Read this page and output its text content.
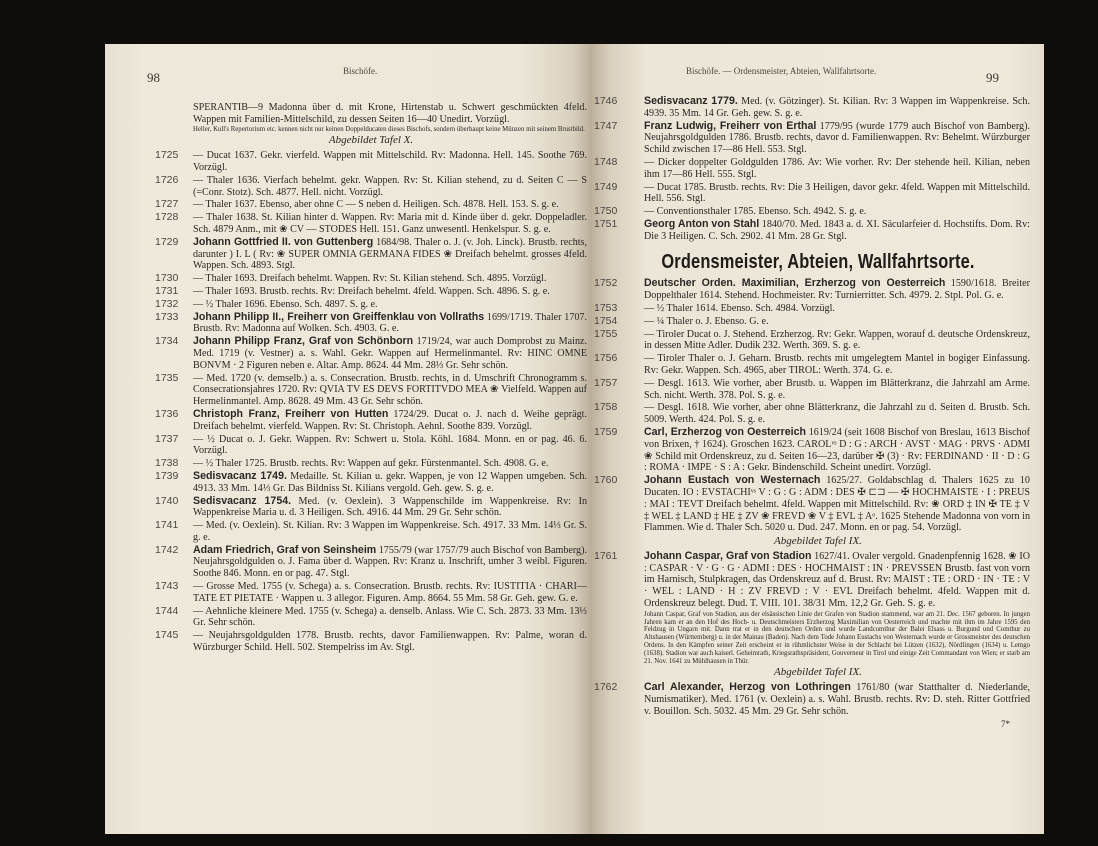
98	Bischöfe.
SPERANTIB—9 Madonna über d. mit Krone, Hirtenstab u. Schwert geschmückten 4feld. Wappen mit Familien-Mittelschild, zu dessen Seiten 16—40 Unedirt. Vorzügl.
Heller, Kull's Repertorium etc. kennen nicht nur keinen Doppelducaten dieses Bischofs, sondern überhaupt keine Münzen mit seinem Brustbild.
Abgebildet Tafel X.
1725	— Ducat 1637. Gekr. vierfeld. Wappen mit Mittelschild. Rv: Madonna. Hell. 145. Soothe 769. Vorzügl.
1726	— Thaler 1636. Vierfach behelmt. gekr. Wappen. Rv: St. Kilian stehend, zu d. Seiten C — S (=Conr. Stotz). Sch. 4877. Hell. nicht. Vorzügl.
1727	— Thaler 1637. Ebenso, aber ohne C — S neben d. Heiligen. Sch. 4878. Hell. 153. S. g. e.
1728	— Thaler 1638. St. Kilian hinter d. Wappen. Rv: Maria mit d. Kinde über d. gekr. Doppeladler. Sch. 4879 Anm., mit ❀ CV — STODES Hell. 151. Ganz unwesentl. Henkelspur. S. g. e.
1729	Johann Gottfried II. von Guttenberg 1684/98. Thaler o. J. (v. Joh. Linck). Brustb. rechts, darunter ) I. L ( Rv: ❀ SUPER OMNIA GERMANA FIDES ❀ Dreifach behelmt. grosses 4feld. Wappen. Sch. 4893. Stgl.
1730	— Thaler 1693. Dreifach behelmt. Wappen. Rv: St. Kilian stehend. Sch. 4895. Vorzügl.
1731	— Thaler 1693. Brustb. rechts. Rv: Dreifach behelmt. 4feld. Wappen. Sch. 4896. S. g. e.
1732	— ½ Thaler 1696. Ebenso. Sch. 4897. S. g. e.
1733	Johann Philipp II., Freiherr von Greiffenklau von Vollraths 1699/1719. Thaler 1707. Brustb. Rv: Madonna auf Wolken. Sch. 4903. G. e.
1734	Johann Philipp Franz, Graf von Schönborn 1719/24, war auch Domprobst zu Mainz. Med. 1719 (v. Vestner) a. s. Wahl. Gekr. Wappen auf Hermelinmantel. Rv: HINC OMNE BONVM · 2 Figuren neben e. Altar. Amp. 8624. 44 Mm. 28⅓ Gr. Sehr schön.
1735	— Med. 1720 (v. demselb.) a. s. Consecration. Brustb. rechts, in d. Umschrift Chronogramm s. Consecrationsjahres 1720. Rv: QVIA TV ES DEVS FORTITVDO MEA ❀ Vielfeld. Wappen auf Hermelinmantel. Amp. 8628. 49 Mm. 43 Gr. Sehr schön.
1736	Christoph Franz, Freiherr von Hutten 1724/29. Ducat o. J. nach d. Weihe geprägt. Dreifach behelmt. vierfeld. Wappen. Rv: St. Christoph. Aehnl. Soothe 839. Vorzügl.
1737	— ½ Ducat o. J. Gekr. Wappen. Rv: Schwert u. Stola. Köhl. 1684. Monn. en or pag. 46. 6. Vorzügl.
1738	— ½ Thaler 1725. Brustb. rechts. Rv: Wappen auf gekr. Fürstenmantel. Sch. 4908. G. e.
1739	Sedisvacanz 1749. Medaille. St. Kilian u. gekr. Wappen, je von 12 Wappen umgeben. Sch. 4913. 33 Mm. 14⅓ Gr. Das Bildniss St. Kilians vergold. Geh. gew. S. g. e.
1740	Sedisvacanz 1754. Med. (v. Oexlein). 3 Wappenschilde im Wappenkreise. Rv: In Wappenkreise Maria u. d. 3 Heiligen. Sch. 4916. 44 Mm. 29 Gr. Sehr schön.
1741	— Med. (v. Oexlein). St. Kilian. Rv: 3 Wappen im Wappenkreise. Sch. 4917. 33 Mm. 14⅓ Gr. S. g. e.
1742	Adam Friedrich, Graf von Seinsheim 1755/79 (war 1757/79 auch Bischof von Bamberg). Neujahrsgoldgulden o. J. Fama über d. Wappen. Rv: Kranz u. Inschrift, umher 3 weibl. Figuren. Soothe 846. Monn. en or pag. 47. Stgl.
1743	— Grosse Med. 1755 (v. Schega) a. s. Consecration. Brustb. rechts. Rv: IUSTITIA · CHARI—TATE ET PIETATE · Wappen u. 3 allegor. Figuren. Amp. 8664. 55 Mm. 58 Gr. Geh. gew. G. e.
1744	— Aehnliche kleinere Med. 1755 (v. Schega) a. denselb. Anlass. Wie C. Sch. 2873. 33 Mm. 13⅓ Gr. Sehr schön.
1745	— Neujahrsgoldgulden 1778. Brustb. rechts, davor Familienwappen. Rv: Palme, woran d. Würzburger Schild. Hell. 502. Stempelriss im Av. Stgl.
Bischöfe. — Ordensmeister, Abteien, Wallfahrtsorte.	99
1746	Sedisvacanz 1779. Med. (v. Götzinger). St. Kilian. Rv: 3 Wappen im Wappenkreise. Sch. 4939. 35 Mm. 14 Gr. Geh. gew. S. g. e.
1747	Franz Ludwig, Freiherr von Erthal 1779/95 (wurde 1779 auch Bischof von Bamberg). Neujahrsgoldgulden 1786. Brustb. rechts, davor d. Familienwappen. Rv: Behelmt. Würzburger Schild zwischen 17—86 Hell. 553. Stgl.
1748	— Dicker doppelter Goldgulden 1786. Av: Wie vorher. Rv: Der stehende heil. Kilian, neben ihm 17—86 Hell. 555. Stgl.
1749	— Ducat 1785. Brustb. rechts. Rv: Die 3 Heiligen, davor gekr. 4feld. Wappen mit Mittelschild. Hell. 556. Stgl.
1750	— Conventionsthaler 1785. Ebenso. Sch. 4942. S. g. e.
1751	Georg Anton von Stahl 1840/70. Med. 1843 a. d. XI. Säcularfeier d. Hochstifts. Dom. Rv: Die 3 Heiligen. C. Sch. 2902. 41 Mm. 28 Gr. Stgl.
Ordensmeister, Abteien, Wallfahrtsorte.
1752	Deutscher Orden. Maximilian, Erzherzog von Oesterreich 1590/1618. Breiter Doppelthaler 1614. Stehend. Hochmeister. Rv: Turnierritter. Sch. 4979. 2. Stpl. Pol. G. e.
1753	— ½ Thaler 1614. Ebenso. Sch. 4984. Vorzügl.
1754	— ¼ Thaler o. J. Ebenso. G. e.
1755	— Tiroler Ducat o. J. Stehend. Erzherzog. Rv: Gekr. Wappen, worauf d. deutsche Ordenskreuz, in dessen Mitte Adler. Dudik 232. Werth. 369. S. g. e.
1756	— Tiroler Thaler o. J. Geharn. Brustb. rechts mit umgelegtem Mantel in bogiger Einfassung. Rv: Gekr. Wappen. Sch. 4965, aber TIROL: Werth. 374. G. e.
1757	— Desgl. 1613. Wie vorher, aber Brustb. u. Wappen im Blätterkranz, die Jahrzahl am Arme. Sch. nicht. Werth. 378. Pol. S. g. e.
1758	— Desgl. 1618. Wie vorher, aber ohne Blätterkranz, die Jahrzahl zu d. Seiten d. Brustb. Sch. 5009. Werth. 424. Pol. S. g. e.
1759	Carl, Erzherzog von Oesterreich 1619/24 (seit 1608 Bischof von Breslau, 1613 Bischof von Brixen, † 1624). Groschen 1623. CAROLᵛˢ D : G : ARCH · AVST · MAG · PRVS · ADMI ❀ Schild mit Ordenskreuz, zu d. Seiten 16—23, darüber ✠ (3) · Rv: FERDINAND · II · D : G : ROMA · IMPE · S : A : Gekr. Bindenschild. Scheint unedirt. Vorzügl.
1760	Johann Eustach von Westernach 1625/27. Goldabschlag d. Thalers 1625 zu 10 Ducaten. IO : EVSTACHIᵛˢ V : G : G : ADM : DES ✠ ⊏⊐ — ✠ HOCHMAISTE · I : PREUS : MAI : TEVT Dreifach behelmt. 4feld. Wappen mit Mittelschild. Rv: ❀ ORD ‡ IN ✠ TE ‡ V ‡ WEL ‡ LAND ‡ HE ‡ ZV ❀ FREVD ❀ V ‡ EVL ‡ Aᵒ. 1625 Stehende Madonna von vorn in Flammen. Wie d. Thaler Sch. 5020 u. Dud. 247. Monn. en or pag. 54. Vorzügl.
Abgebildet Tafel IX.
1761	Johann Caspar, Graf von Stadion 1627/41. Ovaler vergold. Gnadenpfennig 1628. ❀ IO : CASPAR · V · G · G · ADMI : DES · HOCHMAIST : IN · PREVSSEN Brustb. fast von vorn im Harnisch, Stulpkragen, das Ordenskreuz auf d. Brust. Rv: MAIST : TE : ORD · IN · TE : V · WEL : LAND · H : ZV FREVD : V · EVL Dreifach behelmt. 4feld. Wappen mit d. Ordenskreuz belegt. Dud. T. VIII. 101. 38/31 Mm. 12,2 Gr. Geh. S. g. e.
Johann Caspar, Graf von Stadion, aus der elsässischen Linie der Grafen von Stadion stammend, war am 21. Dec. 1567 geboren. In jungen Jahren kam er an den Hof des Hoch- u. Deutschmeisters Erzherzog Maximilian von Oesterreich und machte mit ihm im Jahre 1595 den Feldzug in Ungarn mit. Dann trat er in den deutschen Orden und wurde Landcomthur der Balei Elsass u. Burgund und Comthur zu Altshausen (Württemberg) u. in der Mainau (Baden). Nach dem Tode Johann Eustachs von Westernach wurde er Grossmeister des deutschen Ordens. In den Kämpfen seiner Zeit erscheint er in rühmlichster Weise in der Schlacht bei Lützen (1632), Nördlingen (1634) u. Lemgo (1638). Stadion war auch kaiserl. Geheimrath, Kriegsrathspräsident, Gouverneur in Tirol und einige Zeit Commandant von Wien; er starb am 21. Nov. 1641 zu Mühlhausen in Thür.
Abgebildet Tafel IX.
1762	Carl Alexander, Herzog von Lothringen 1761/80 (war Statthalter d. Niederlande, Numismatiker). Med. 1761 (v. Oexlein) a. s. Wahl. Brustb. rechts. Rv: D. steh. Ritter Gottfried v. Bouillon. Sch. 5032. 45 Mm. 29 Gr. Sehr schön.
7*
